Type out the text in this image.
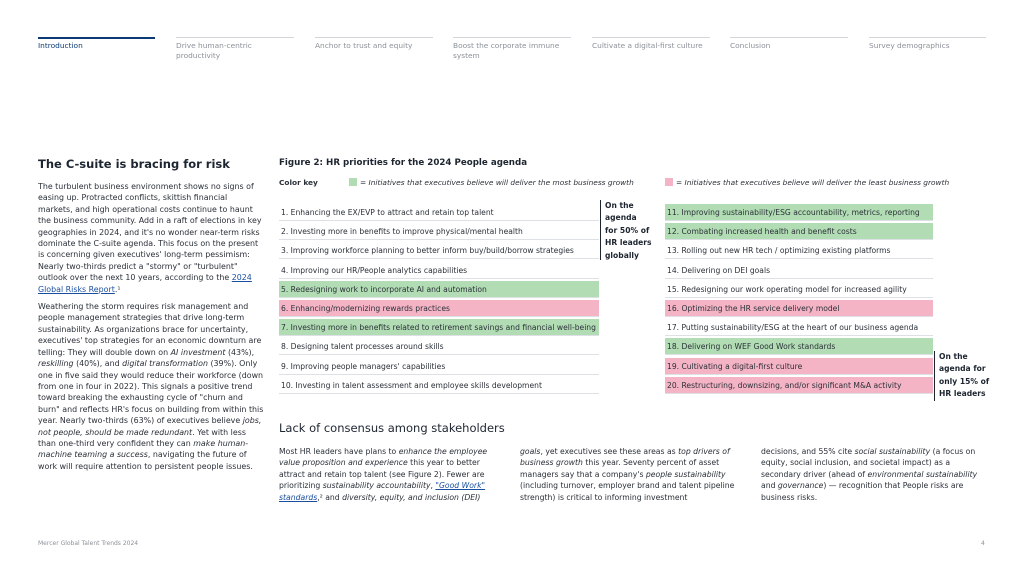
Introduction	Drive human-centric productivity
Anchor to trust and equity	Boost the corporate immune system
Cultivate a digital-first culture	Conclusion	Survey demographics
The C-suite is bracing for risk

The turbulent business environment shows no signs of easing up. Protracted conflicts, skittish financial markets, and high operational costs continue to haunt the business community. Add in a raft of elections in key geographies in 2024, and it's no wonder near-term risks dominate the C-suite agenda. This focus on the present is concerning given executives' long-term pessimism: Nearly two-thirds predict a "stormy" or "turbulent" outlook over the next 10 years, according to the 2024 Global Risks Report.¹

Weathering the storm requires risk management and people management strategies that drive long-term sustainability. As organizations brace for uncertainty, executives' top strategies for an economic downturn are telling: They will double down on AI investment (43%), reskilling (40%), and digital transformation (39%). Only one in five said they would reduce their workforce (down from one in four in 2022). This signals a positive trend toward breaking the exhausting cycle of "churn and burn" and reflects HR's focus on building from within this year. Nearly two-thirds (63%) of executives believe jobs, not people, should be made redundant. Yet with less than one-third very confident they can make human-machine teaming a success, navigating the future of work will require attention to persistent people issues.

Figure 2: HR priorities for the 2024 People agenda
Color key	= Initiatives that executives believe will deliver the most business growth	= Initiatives that executives believe will deliver the least business growth
1. Enhancing the EX/EVP to attract and retain top talent
2. Investing more in benefits to improve physical/mental health
3. Improving workforce planning to better inform buy/build/borrow strategies
4. Improving our HR/People analytics capabilities
5. Redesigning work to incorporate AI and automation
6. Enhancing/modernizing rewards practices
7. Investing more in benefits related to retirement savings and financial well-being
8. Designing talent processes around skills
9. Improving people managers' capabilities
10. Investing in talent assessment and employee skills development
11. Improving sustainability/ESG accountability, metrics, reporting
12. Combating increased health and benefit costs
13. Rolling out new HR tech / optimizing existing platforms
14. Delivering on DEI goals
15. Redesigning our work operating model for increased agility
16. Optimizing the HR service delivery model
17. Putting sustainability/ESG at the heart of our business agenda
18. Delivering on WEF Good Work standards
19. Cultivating a digital-first culture
20. Restructuring, downsizing, and/or significant M&A activity
On the
agenda
for 50% of
HR leaders
globally
On the
agenda for
only 15% of
HR leaders
Lack of consensus among stakeholders
Most HR leaders have plans to enhance the employee value proposition and experience this year to better attract and retain top talent (see Figure 2). Fewer are prioritizing sustainability accountability, "Good Work" standards,² and diversity, equity, and inclusion (DEI)
goals, yet executives see these areas as top drivers of business growth this year. Seventy percent of asset managers say that a company's people sustainability (including turnover, employer brand and talent pipeline strength) is critical to informing investment
decisions, and 55% cite social sustainability (a focus on equity, social inclusion, and societal impact) as a secondary driver (ahead of environmental sustainability and governance) — recognition that People risks are business risks.
Mercer Global Talent Trends 2024	4
